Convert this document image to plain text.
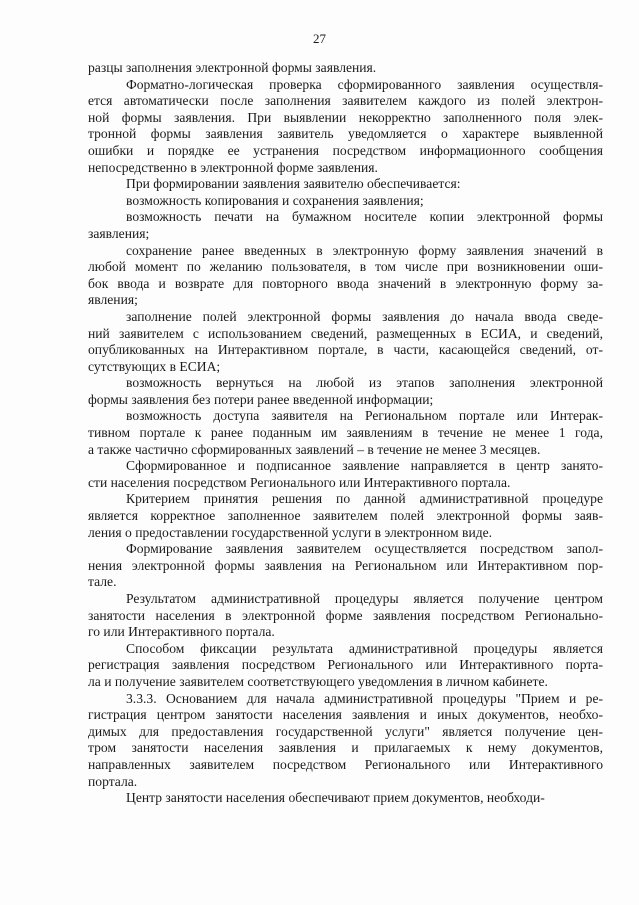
27
разцы заполнения электронной формы заявления.
Форматно-логическая проверка сформированного заявления осуществля-
ется автоматически после заполнения заявителем каждого из полей электрон-
ной формы заявления. При выявлении некорректно заполненного поля элек-
тронной формы заявления заявитель уведомляется о характере выявленной
ошибки и порядке ее устранения посредством информационного сообщения
непосредственно в электронной форме заявления.
При формировании заявления заявителю обеспечивается:
возможность копирования и сохранения заявления;
возможность печати на бумажном носителе копии электронной формы
заявления;
сохранение ранее введенных в электронную форму заявления значений в
любой момент по желанию пользователя, в том числе при возникновении оши-
бок ввода и возврате для повторного ввода значений в электронную форму за-
явления;
заполнение полей электронной формы заявления до начала ввода сведе-
ний заявителем с использованием сведений, размещенных в ЕСИА, и сведений,
опубликованных на Интерактивном портале, в части, касающейся сведений, от-
сутствующих в ЕСИА;
возможность вернуться на любой из этапов заполнения электронной
формы заявления без потери ранее введенной информации;
возможность доступа заявителя на Региональном портале или Интерак-
тивном портале к ранее поданным им заявлениям в течение не менее 1 года,
а также частично сформированных заявлений – в течение не менее 3 месяцев.
Сформированное и подписанное заявление направляется в центр занято-
сти населения посредством Регионального или Интерактивного портала.
Критерием принятия решения по данной административной процедуре
является корректное заполненное заявителем полей электронной формы заяв-
ления о предоставлении государственной услуги в электронном виде.
Формирование заявления заявителем осуществляется посредством запол-
нения электронной формы заявления на Региональном или Интерактивном пор-
тале.
Результатом административной процедуры является получение центром
занятости населения в электронной форме заявления посредством Регионально-
го или Интерактивного портала.
Способом фиксации результата административной процедуры является
регистрация заявления посредством Регионального или Интерактивного порта-
ла и получение заявителем соответствующего уведомления в личном кабинете.
3.3.3. Основанием для начала административной процедуры "Прием и ре-
гистрация центром занятости населения заявления и иных документов, необхо-
димых для предоставления государственной услуги" является получение цен-
тром занятости населения заявления и прилагаемых к нему документов,
направленных заявителем посредством Регионального или Интерактивного
портала.
Центр занятости населения обеспечивают прием документов, необходи-
